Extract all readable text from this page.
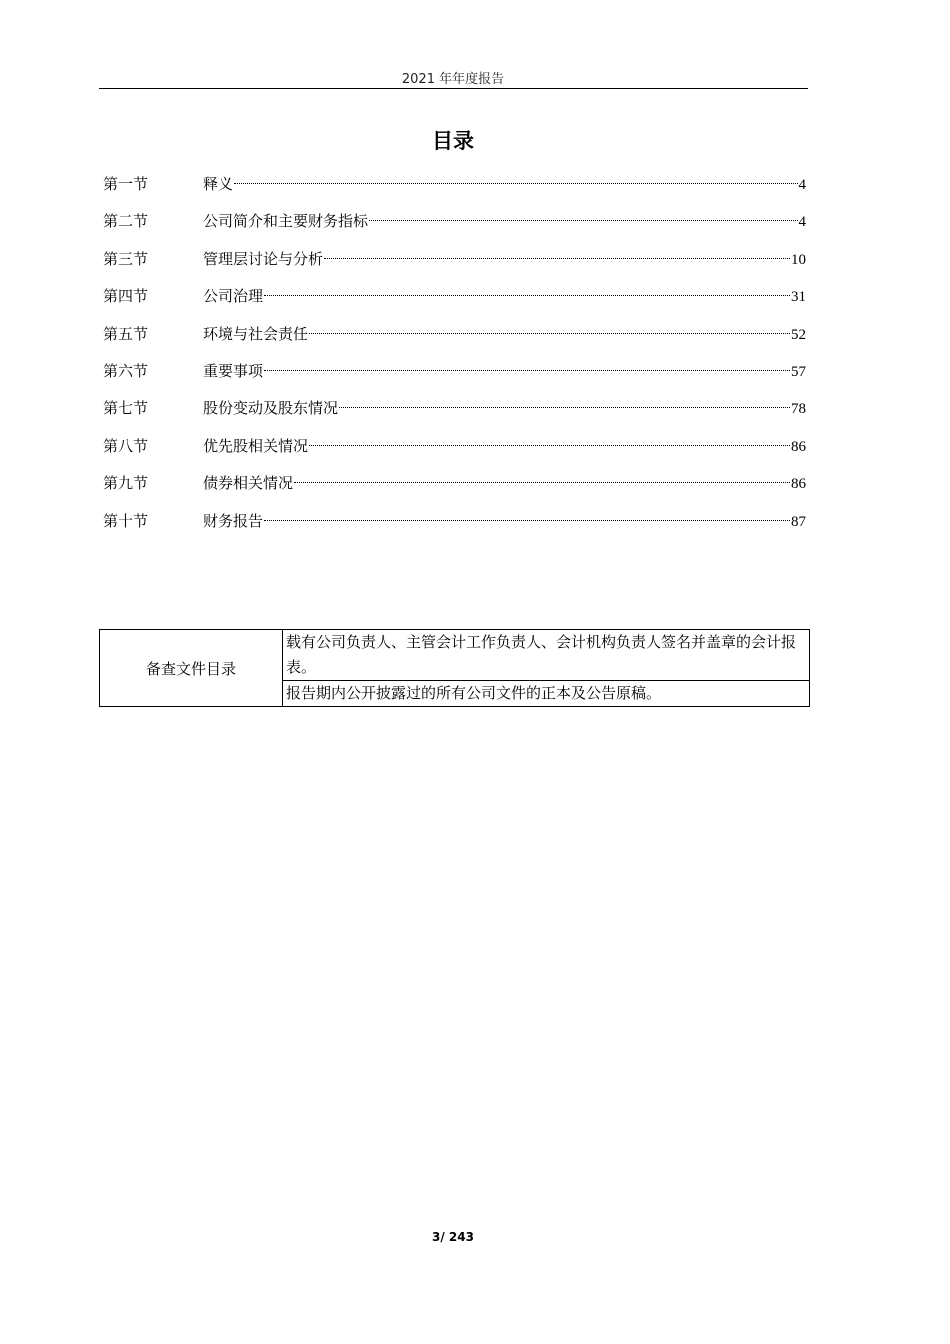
2021 年年度报告
目录
第一节	释义	4
第二节	公司简介和主要财务指标	4
第三节	管理层讨论与分析	10
第四节	公司治理	31
第五节	环境与社会责任	52
第六节	重要事项	57
第七节	股份变动及股东情况	78
第八节	优先股相关情况	86
第九节	债券相关情况	86
第十节	财务报告	87
备查文件目录	载有公司负责人、主管会计工作负责人、会计机构负责人签名并盖章的会计报表。
报告期内公开披露过的所有公司文件的正本及公告原稿。
3/ 243
